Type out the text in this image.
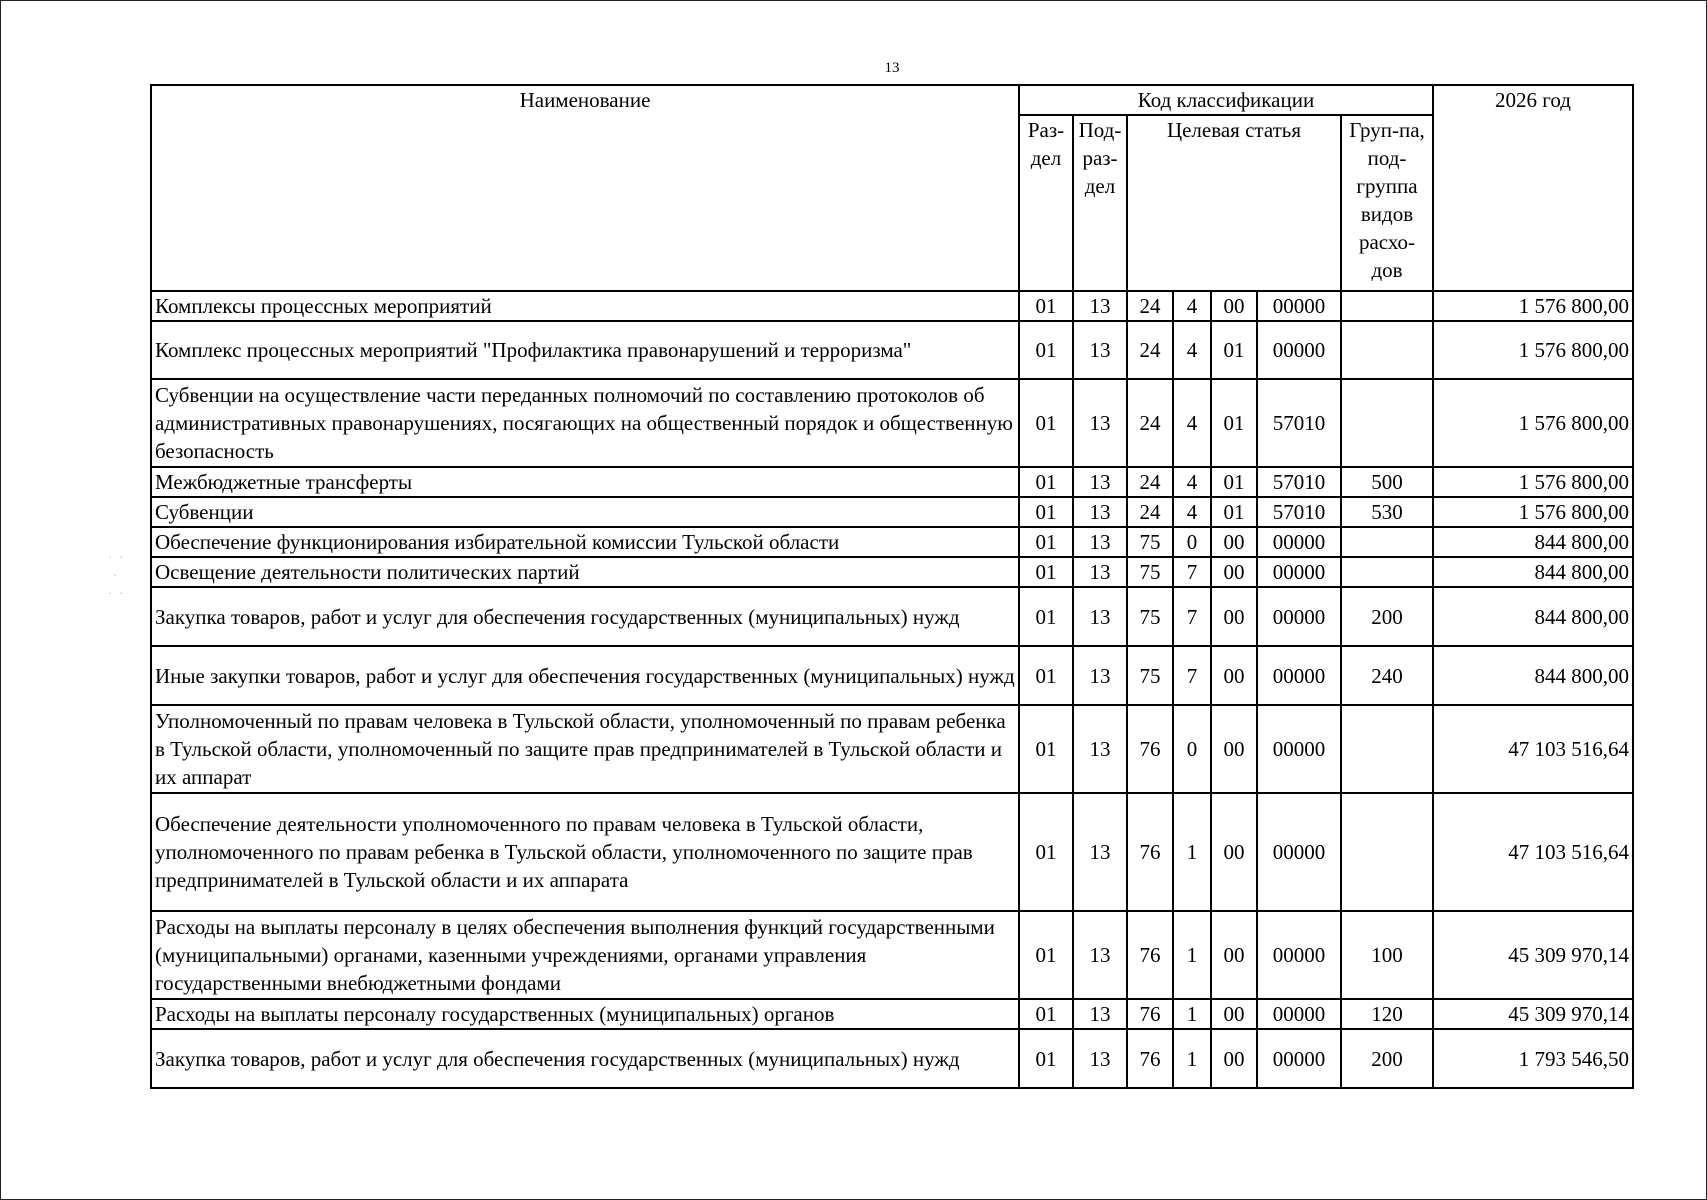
13
· ·
·
· ·
Наименование	Код классификации							2026 год
	Раз-дел	Под-раз-дел	Целевая статья				Груп-па, под-группа видов расхо-дов	
Комплексы процессных мероприятий	01	13	24	4	00	00000		1 576 800,00
Комплекс процессных мероприятий "Профилактика правонарушений и терроризма"	01	13	24	4	01	00000		1 576 800,00
Субвенции на осуществление части переданных полномочий по составлению протоколов об административных правонарушениях, посягающих на общественный порядок и общественную безопасность	01	13	24	4	01	57010		1 576 800,00
Межбюджетные трансферты	01	13	24	4	01	57010	500	1 576 800,00
Субвенции	01	13	24	4	01	57010	530	1 576 800,00
Обеспечение функционирования избирательной комиссии Тульской области	01	13	75	0	00	00000		844 800,00
Освещение деятельности политических партий	01	13	75	7	00	00000		844 800,00
Закупка товаров, работ и услуг для обеспечения государственных (муниципальных) нужд	01	13	75	7	00	00000	200	844 800,00
Иные закупки товаров, работ и услуг для обеспечения государственных (муниципальных) нужд	01	13	75	7	00	00000	240	844 800,00
Уполномоченный по правам человека в Тульской области, уполномоченный по правам ребенка в Тульской области, уполномоченный по защите прав предпринимателей в Тульской области и их аппарат	01	13	76	0	00	00000		47 103 516,64
Обеспечение деятельности уполномоченного по правам человека в Тульской области, уполномоченного по правам ребенка в Тульской области, уполномоченного по защите прав предпринимателей в Тульской области и их аппарата	01	13	76	1	00	00000		47 103 516,64
Расходы на выплаты персоналу в целях обеспечения выполнения функций государственными (муниципальными) органами, казенными учреждениями, органами управления государственными внебюджетными фондами	01	13	76	1	00	00000	100	45 309 970,14
Расходы на выплаты персоналу государственных (муниципальных) органов	01	13	76	1	00	00000	120	45 309 970,14
Закупка товаров, работ и услуг для обеспечения государственных (муниципальных) нужд	01	13	76	1	00	00000	200	1 793 546,50
